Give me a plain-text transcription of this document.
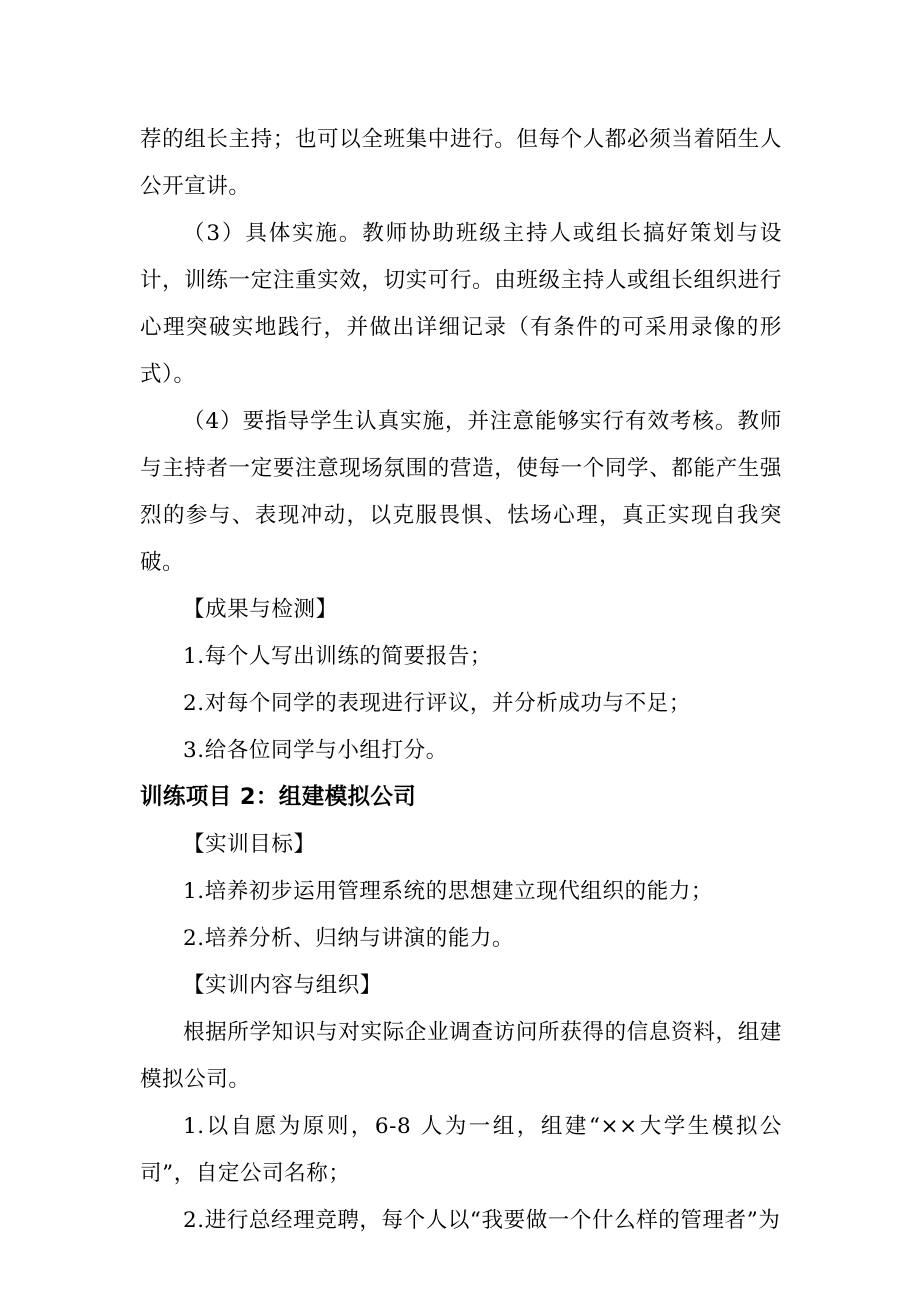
荐的组长主持；也可以全班集中进行。但每个人都必须当着陌生人公开宣讲。

（3）具体实施。教师协助班级主持人或组长搞好策划与设计，训练一定注重实效，切实可行。由班级主持人或组长组织进行心理突破实地践行，并做出详细记录（有条件的可采用录像的形式）。

（4）要指导学生认真实施，并注意能够实行有效考核。教师与主持者一定要注意现场氛围的营造，使每一个同学、都能产生强烈的参与、表现冲动，以克服畏惧、怯场心理，真正实现自我突破。

【成果与检测】

1.每个人写出训练的简要报告；

2.对每个同学的表现进行评议，并分析成功与不足；

3.给各位同学与小组打分。

训练项目 2：组建模拟公司

【实训目标】

1.培养初步运用管理系统的思想建立现代组织的能力；

2.培养分析、归纳与讲演的能力。

【实训内容与组织】

根据所学知识与对实际企业调查访问所获得的信息资料，组建模拟公司。

1.以自愿为原则，6-8 人为一组，组建“××大学生模拟公司”，自定公司名称；

2.进行总经理竞聘，每个人以“我要做一个什么样的管理者”为
